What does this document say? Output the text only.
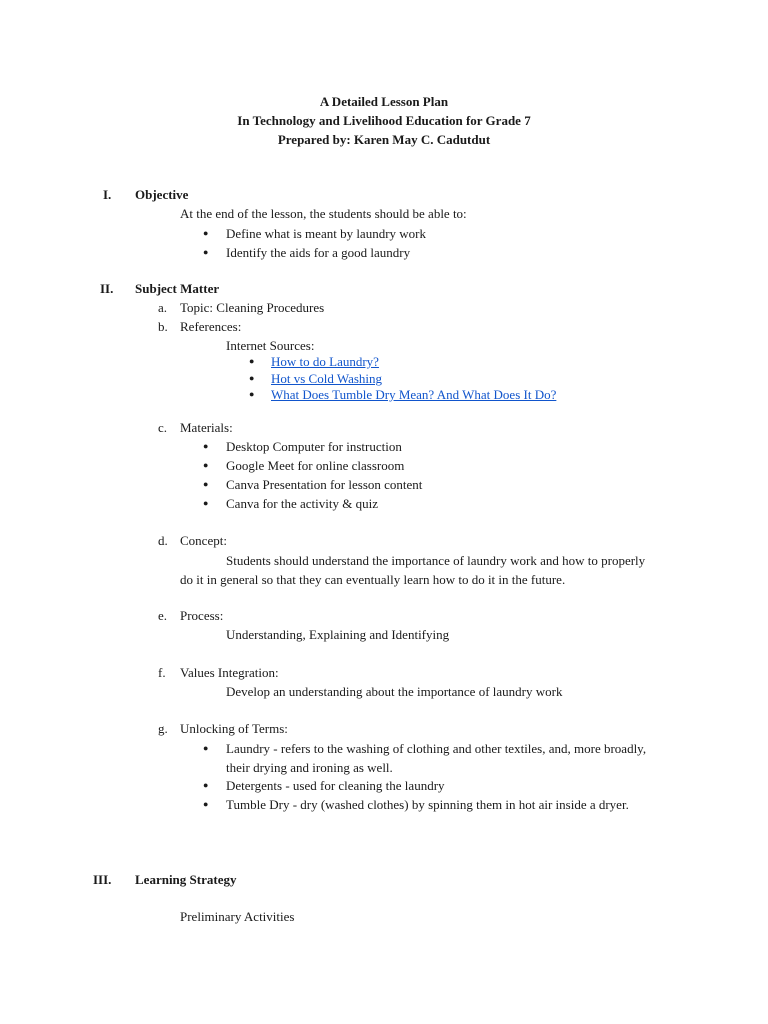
A Detailed Lesson Plan
In Technology and Livelihood Education for Grade 7
Prepared by: Karen May C. Cadutdut
I. Objective
At the end of the lesson, the students should be able to:
● Define what is meant by laundry work
● Identify the aids for a good laundry
II. Subject Matter
a. Topic: Cleaning Procedures
b. References:
Internet Sources:
● How to do Laundry?
● Hot vs Cold Washing
● What Does Tumble Dry Mean? And What Does It Do?
c. Materials:
● Desktop Computer for instruction
● Google Meet for online classroom
● Canva Presentation for lesson content
● Canva for the activity & quiz
d. Concept:
Students should understand the importance of laundry work and how to properly
do it in general so that they can eventually learn how to do it in the future.
e. Process:
Understanding, Explaining and Identifying
f. Values Integration:
Develop an understanding about the importance of laundry work
g. Unlocking of Terms:
● Laundry - refers to the washing of clothing and other textiles, and, more broadly,
their drying and ironing as well.
● Detergents - used for cleaning the laundry
● Tumble Dry - dry (washed clothes) by spinning them in hot air inside a dryer.
III. Learning Strategy
Preliminary Activities
